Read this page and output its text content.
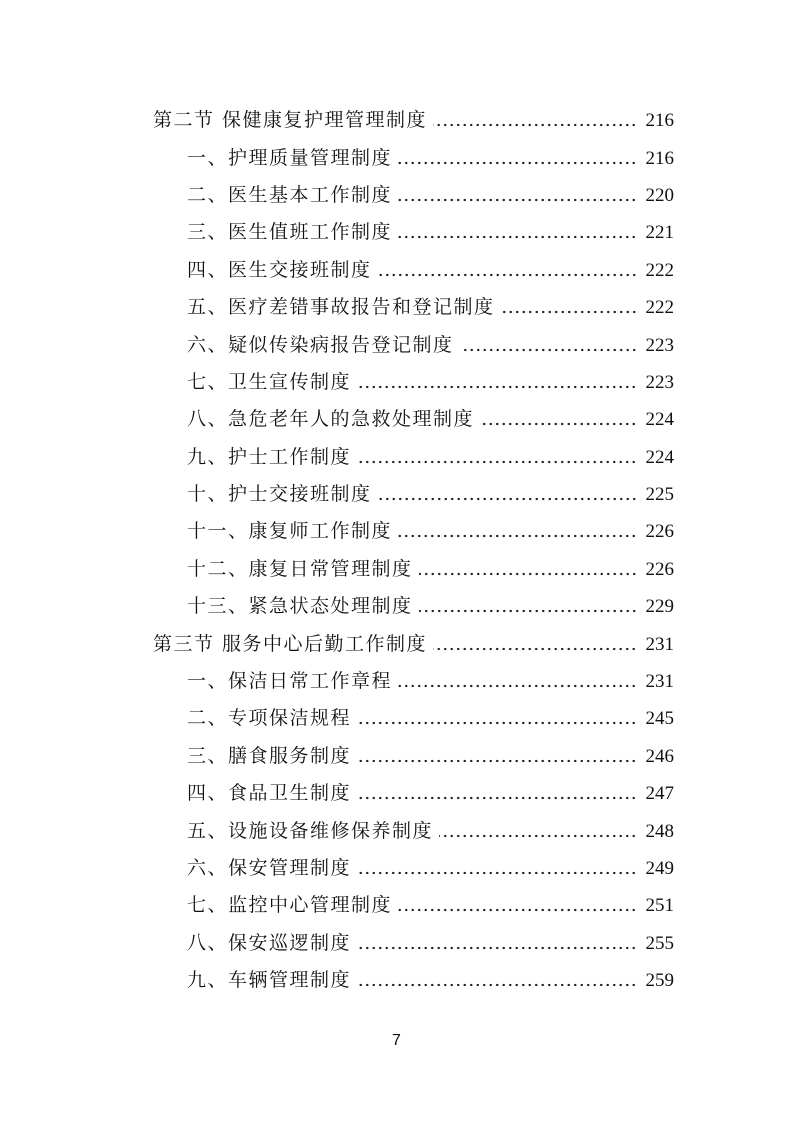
第二节 保健康复护理管理制度	216
一、护理质量管理制度	216
二、医生基本工作制度	220
三、医生值班工作制度	221
四、医生交接班制度	222
五、医疗差错事故报告和登记制度	222
六、疑似传染病报告登记制度	223
七、卫生宣传制度	223
八、急危老年人的急救处理制度	224
九、护士工作制度	224
十、护士交接班制度	225
十一、康复师工作制度	226
十二、康复日常管理制度	226
十三、紧急状态处理制度	229
第三节 服务中心后勤工作制度	231
一、保洁日常工作章程	231
二、专项保洁规程	245
三、膳食服务制度	246
四、食品卫生制度	247
五、设施设备维修保养制度	248
六、保安管理制度	249
七、监控中心管理制度	251
八、保安巡逻制度	255
九、车辆管理制度	259
7
